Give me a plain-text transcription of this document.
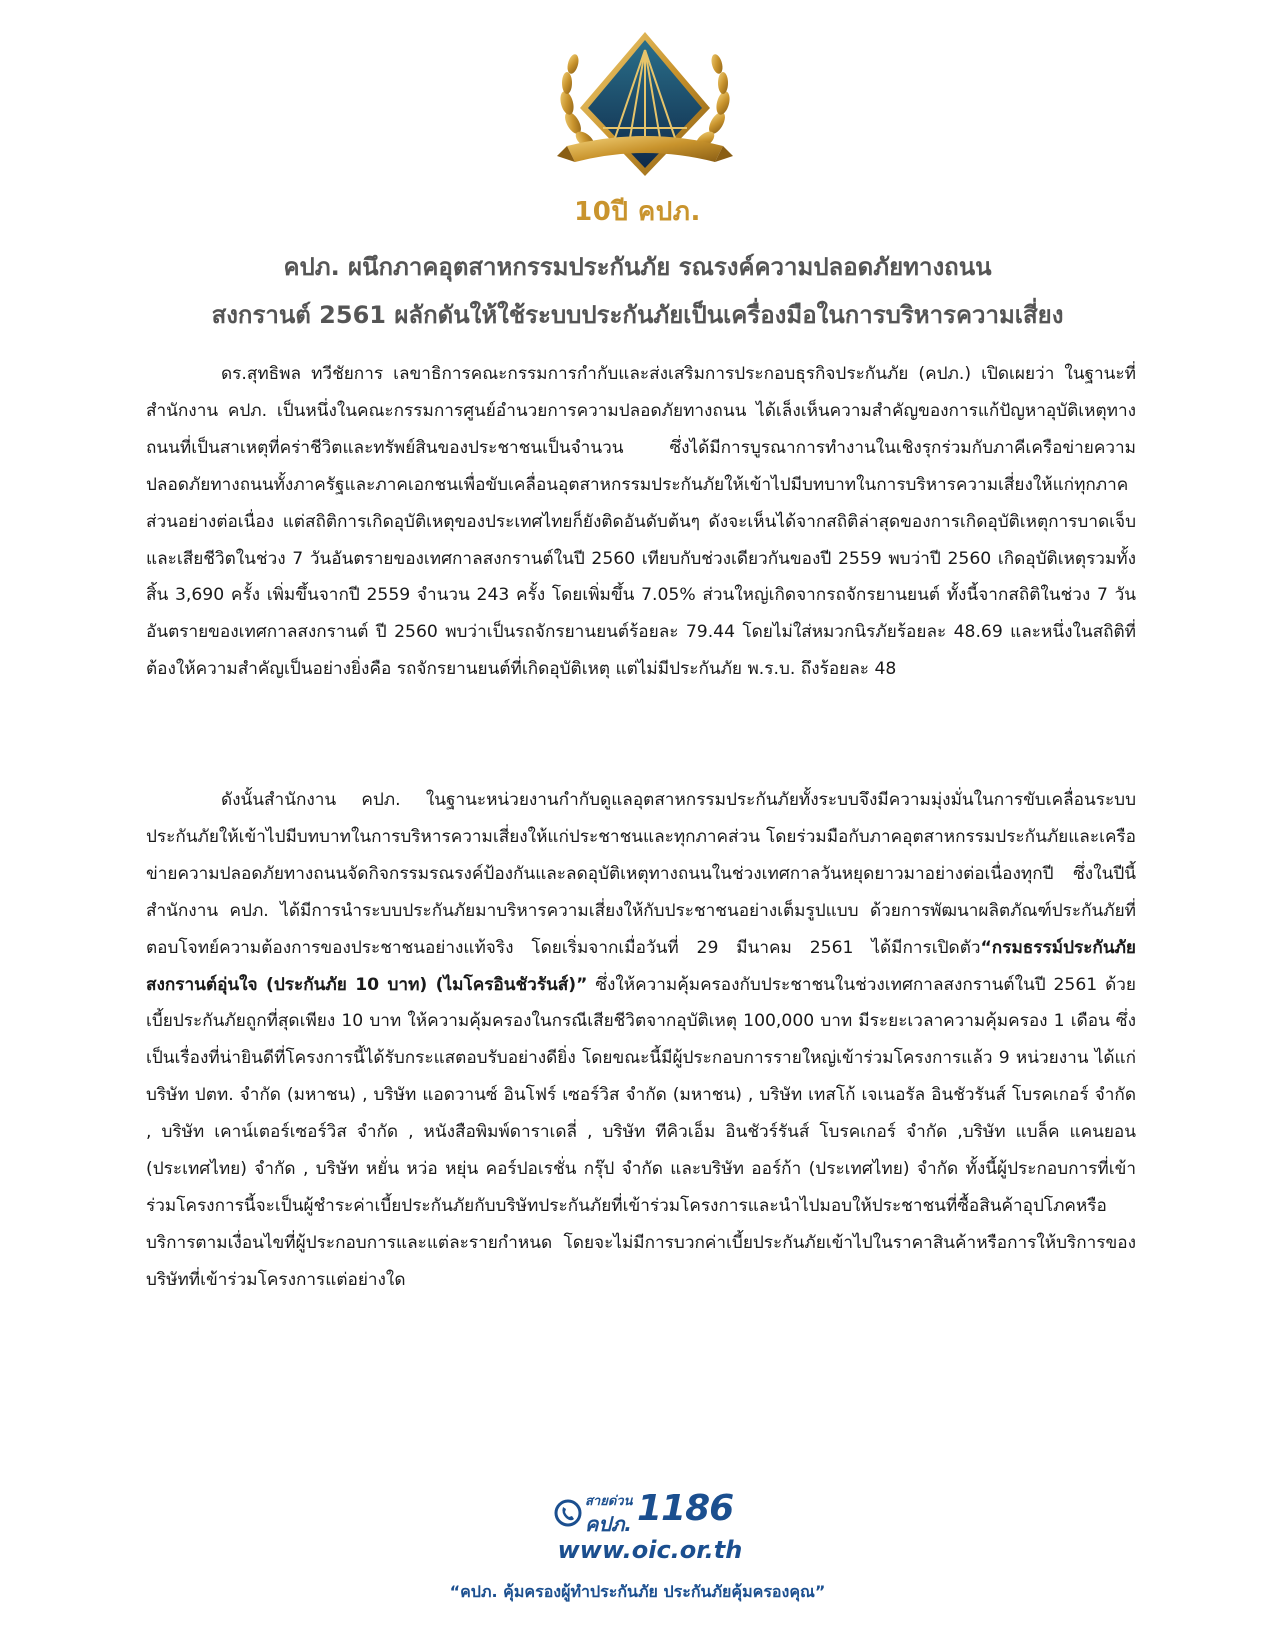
10ปี คปภ.
คปภ. ผนึกภาคอุตสาหกรรมประกันภัย รณรงค์ความปลอดภัยทางถนน
สงกรานต์ 2561 ผลักดันให้ใช้ระบบประกันภัยเป็นเครื่องมือในการบริหารความเสี่ยง
ดร.สุทธิพล ทวีชัยการ เลขาธิการคณะกรรมการกำกับและส่งเสริมการประกอบธุรกิจประกันภัย (คปภ.) เปิดเผยว่า ในฐานะที่สำนักงาน คปภ. เป็นหนึ่งในคณะกรรมการศูนย์อำนวยการความปลอดภัยทางถนน ได้เล็งเห็นความสำคัญของการแก้ปัญหาอุบัติเหตุทางถนนที่เป็นสาเหตุที่คร่าชีวิตและทรัพย์สินของประชาชนเป็นจำนวน ซึ่งได้มีการบูรณาการทำงานในเชิงรุกร่วมกับภาคีเครือข่ายความปลอดภัยทางถนนทั้งภาครัฐและภาคเอกชนเพื่อขับเคลื่อนอุตสาหกรรมประกันภัยให้เข้าไปมีบทบาทในการบริหารความเสี่ยงให้แก่ทุกภาคส่วนอย่างต่อเนื่อง แต่สถิติการเกิดอุบัติเหตุของประเทศไทยก็ยังติดอันดับต้นๆ ดังจะเห็นได้จากสถิติล่าสุดของการเกิดอุบัติเหตุการบาดเจ็บ และเสียชีวิตในช่วง 7 วันอันตรายของเทศกาลสงกรานต์ในปี 2560 เทียบกับช่วงเดียวกันของปี 2559 พบว่าปี 2560 เกิดอุบัติเหตุรวมทั้งสิ้น 3,690 ครั้ง เพิ่มขึ้นจากปี 2559 จำนวน 243 ครั้ง โดยเพิ่มขึ้น 7.05% ส่วนใหญ่เกิดจากรถจักรยานยนต์ ทั้งนี้จากสถิติในช่วง 7 วันอันตรายของเทศกาลสงกรานต์ ปี 2560 พบว่าเป็นรถจักรยานยนต์ร้อยละ 79.44 โดยไม่ใส่หมวกนิรภัยร้อยละ 48.69 และหนึ่งในสถิติที่ต้องให้ความสำคัญเป็นอย่างยิ่งคือ รถจักรยานยนต์ที่เกิดอุบัติเหตุ แต่ไม่มีประกันภัย พ.ร.บ. ถึงร้อยละ 48
ดังนั้นสำนักงาน คปภ. ในฐานะหน่วยงานกำกับดูแลอุตสาหกรรมประกันภัยทั้งระบบจึงมีความมุ่งมั่นในการขับเคลื่อนระบบประกันภัยให้เข้าไปมีบทบาทในการบริหารความเสี่ยงให้แก่ประชาชนและทุกภาคส่วน โดยร่วมมือกับภาคอุตสาหกรรมประกันภัยและเครือข่ายความปลอดภัยทางถนนจัดกิจกรรมรณรงค์ป้องกันและลดอุบัติเหตุทางถนนในช่วงเทศกาลวันหยุดยาวมาอย่างต่อเนื่องทุกปี ซึ่งในปีนี้สำนักงาน คปภ. ได้มีการนำระบบประกันภัยมาบริหารความเสี่ยงให้กับประชาชนอย่างเต็มรูปแบบ ด้วยการพัฒนาผลิตภัณฑ์ประกันภัยที่ตอบโจทย์ความต้องการของประชาชนอย่างแท้จริง โดยเริ่มจากเมื่อวันที่ 29 มีนาคม 2561 ได้มีการเปิดตัว“กรมธรรม์ประกันภัยสงกรานต์อุ่นใจ (ประกันภัย 10 บาท) (ไมโครอินชัวรันส์)” ซึ่งให้ความคุ้มครองกับประชาชนในช่วงเทศกาลสงกรานต์ในปี 2561 ด้วยเบี้ยประกันภัยถูกที่สุดเพียง 10 บาท ให้ความคุ้มครองในกรณีเสียชีวิตจากอุบัติเหตุ 100,000 บาท มีระยะเวลาความคุ้มครอง 1 เดือน ซึ่งเป็นเรื่องที่น่ายินดีที่โครงการนี้ได้รับกระแสตอบรับอย่างดียิ่ง โดยขณะนี้มีผู้ประกอบการรายใหญ่เข้าร่วมโครงการแล้ว 9 หน่วยงาน ได้แก่ บริษัท ปตท. จำกัด (มหาชน) , บริษัท แอดวานซ์ อินโฟร์ เซอร์วิส จำกัด (มหาชน) , บริษัท เทสโก้ เจเนอรัล อินชัวรันส์ โบรคเกอร์ จำกัด , บริษัท เคาน์เตอร์เซอร์วิส จำกัด , หนังสือพิมพ์ดาราเดลี่ , บริษัท ทีคิวเอ็ม อินชัวร์รันส์ โบรคเกอร์ จำกัด ,บริษัท แบล็ค แคนยอน (ประเทศไทย) จำกัด , บริษัท หยั่น หว่อ หยุ่น คอร์ปอเรชั่น กรุ๊ป จำกัด และบริษัท ออร์ก้า (ประเทศไทย) จำกัด ทั้งนี้ผู้ประกอบการที่เข้าร่วมโครงการนี้จะเป็นผู้ชำระค่าเบี้ยประกันภัยกับบริษัทประกันภัยที่เข้าร่วมโครงการและนำไปมอบให้ประชาชนที่ซื้อสินค้าอุปโภคหรือบริการตามเงื่อนไขที่ผู้ประกอบการและแต่ละรายกำหนด โดยจะไม่มีการบวกค่าเบี้ยประกันภัยเข้าไปในราคาสินค้าหรือการให้บริการของบริษัทที่เข้าร่วมโครงการแต่อย่างใด
สายด่วน
คปภ. 1186
www.oic.or.th
“คปภ. คุ้มครองผู้ทำประกันภัย ประกันภัยคุ้มครองคุณ”
